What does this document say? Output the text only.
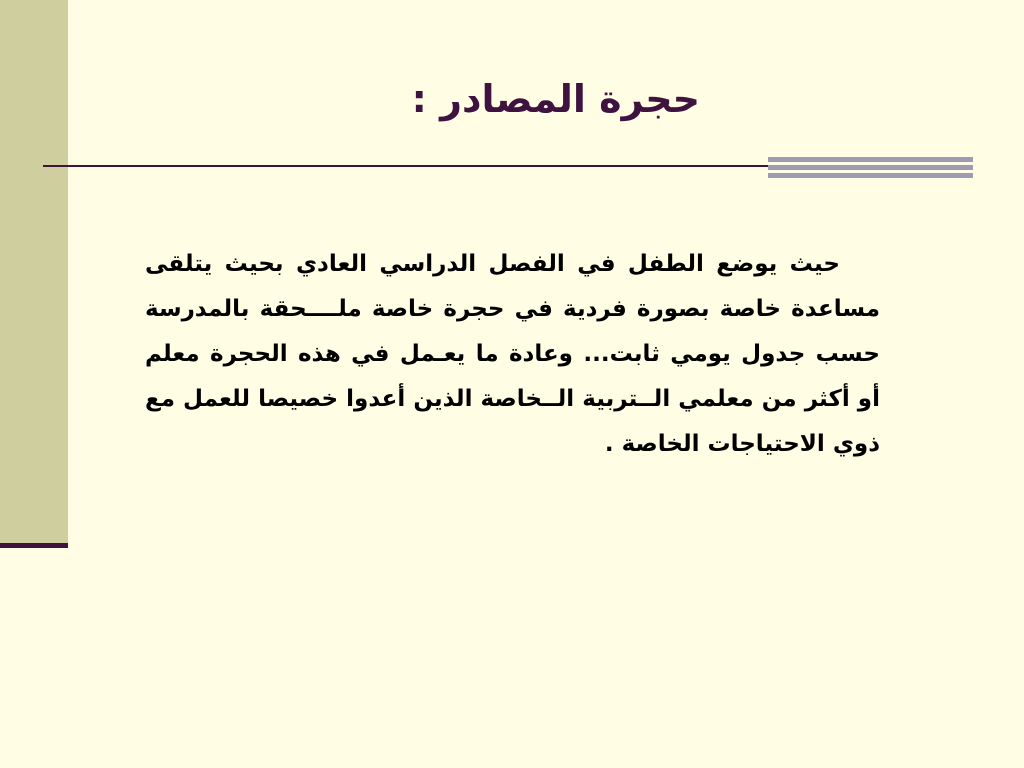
حجرة المصادر :

حيث يوضع الطفل في الفصل الدراسي العادي بحيث يتلقى مساعدة خاصة بصورة فردية في حجرة خاصة ملــــحقة بالمدرسة حسب جدول يومي ثابت... وعادة ما يعـمل في هذه الحجرة معلم أو أكثر من معلمي الــتربية الــخاصة الذين أعدوا خصيصا للعمل مع ذوي الاحتياجات الخاصة .
